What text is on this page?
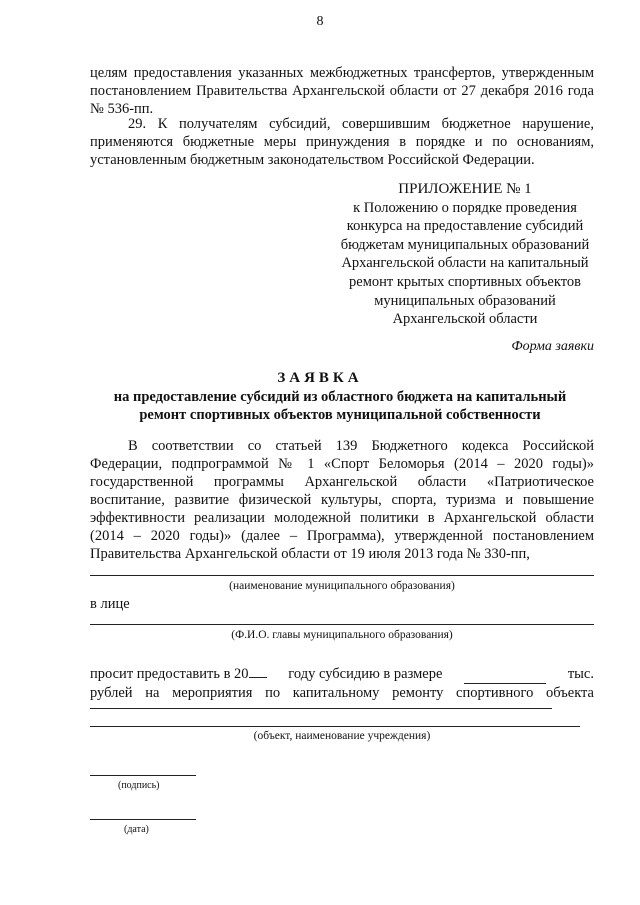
8
целям предоставления указанных межбюджетных трансфертов, утвержденным постановлением Правительства Архангельской области от 27 декабря 2016 года № 536-пп.
29. К получателям субсидий, совершившим бюджетное нарушение, применяются бюджетные меры принуждения в порядке и по основаниям, установленным бюджетным законодательством Российской Федерации.
ПРИЛОЖЕНИЕ № 1
к Положению о порядке проведения
конкурса на предоставление субсидий
бюджетам муниципальных образований
Архангельской области на капитальный
ремонт крытых спортивных объектов
муниципальных образований
Архангельской области
Форма заявки
ЗАЯВКА
на предоставление субсидий из областного бюджета на капитальный
ремонт спортивных объектов муниципальной собственности
В соответствии со статьей 139 Бюджетного кодекса Российской Федерации, подпрограммой № 1 «Спорт Беломорья (2014 – 2020 годы)» государственной программы Архангельской области «Патриотическое воспитание, развитие физической культуры, спорта, туризма и повышение эффективности реализации молодежной политики в Архангельской области (2014 – 2020 годы)» (далее – Программа), утвержденной постановлением Правительства Архангельской области от 19 июля 2013 года № 330-пп,
(наименование муниципального образования)
в лице
(Ф.И.О. главы муниципального образования)
просит предоставить в 20	году субсидию в размере	тыс.
рублей на мероприятия по капитальному ремонту спортивного объекта
(объект, наименование учреждения)
(подпись)
(дата)
